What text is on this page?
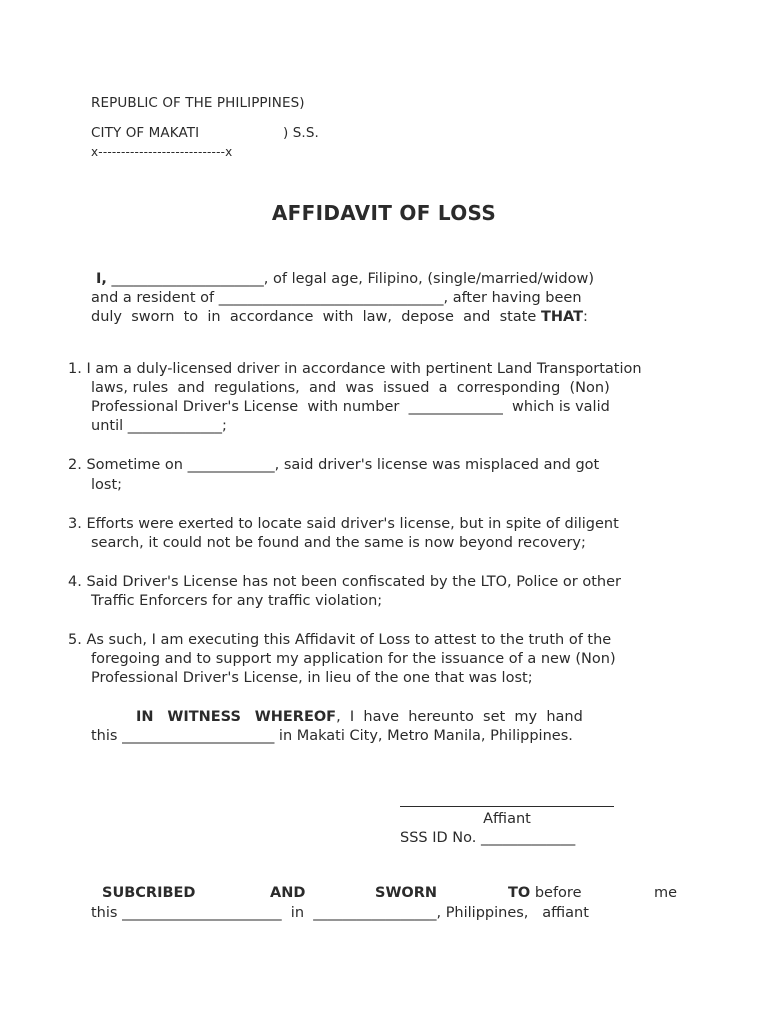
REPUBLIC OF THE PHILIPPINES)
CITY OF MAKATI	) S.S.
x----------------------------x
AFFIDAVIT OF LOSS
I, _____________________, of legal age, Filipino, (single/married/widow)
and a resident of _______________________________, after having been
duly  sworn  to  in  accordance  with  law,  depose  and  state THAT:
1. I am a duly-licensed driver in accordance with pertinent Land Transportation
laws, rules  and  regulations,  and  was  issued  a  corresponding  (Non)
Professional Driver's License  with number  _____________  which is valid
until _____________;
2. Sometime on ____________, said driver's license was misplaced and got
lost;
3. Efforts were exerted to locate said driver's license, but in spite of diligent
search, it could not be found and the same is now beyond recovery;
4. Said Driver's License has not been confiscated by the LTO, Police or other
Traffic Enforcers for any traffic violation;
5. As such, I am executing this Affidavit of Loss to attest to the truth of the
foregoing and to support my application for the issuance of a new (Non)
Professional Driver's License, in lieu of the one that was lost;
IN WITNESS WHEREOF,  I  have  hereunto  set  my  hand
this _____________________ in Makati City, Metro Manila, Philippines.
Affiant
SSS ID No. _____________
SUBCRIBED	AND	SWORN	TO before	me
this ______________________  in  _________________, Philippines,   affiant
